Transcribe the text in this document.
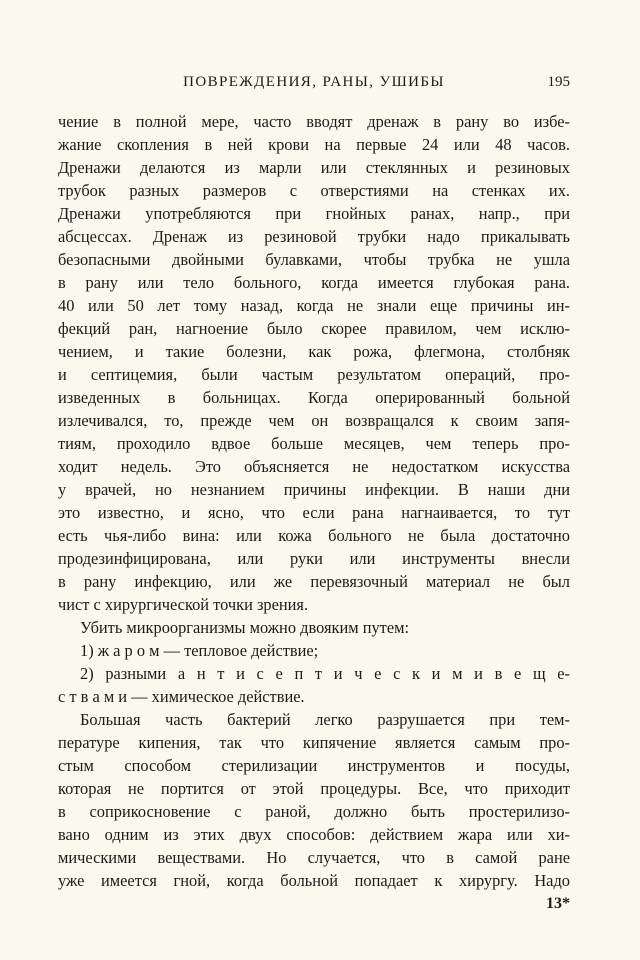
ПОВРЕЖДЕНИЯ, РАНЫ, УШИБЫ	195
чение в полной мере, часто вводят дренаж в рану во избе-
жание скопления в ней крови на первые 24 или 48 часов.
Дренажи делаются из марли или стеклянных и резиновых
трубок разных размеров с отверстиями на стенках их.
Дренажи употребляются при гнойных ранах, напр., при
абсцессах. Дренаж из резиновой трубки надо прикалывать
безопасными двойными булавками, чтобы трубка не ушла
в рану или тело больного, когда имеется глубокая рана.
40 или 50 лет тому назад, когда не знали еще причины ин-
фекций ран, нагноение было скорее правилом, чем исклю-
чением, и такие болезни, как рожа, флегмона, столбняк
и септицемия, были частым результатом операций, про-
изведенных в больницах. Когда оперированный больной
излечивался, то, прежде чем он возвращался к своим запя-
тиям, проходило вдвое больше месяцев, чем теперь про-
ходит недель. Это объясняется не недостатком искусства
у врачей, но незнанием причины инфекции. В наши дни
это известно, и ясно, что если рана нагнаивается, то тут
есть чья-либо вина: или кожа больного не была достаточно
продезинфицирована, или руки или инструменты внесли
в рану инфекцию, или же перевязочный материал не был
чист с хирургической точки зрения.
Убить микроорганизмы можно двояким путем:
1) ж а р о м — тепловое действие;
2) разными а н т и с е п т и ч е с к и м и в е щ е-
с т в а м и — химическое действие.
Большая часть бактерий легко разрушается при тем-
пературе кипения, так что кипячение является самым про-
стым способом стерилизации инструментов и посуды,
которая не портится от этой процедуры. Все, что приходит
в соприкосновение с раной, должно быть простерилизо-
вано одним из этих двух способов: действием жара или хи-
мическими веществами. Но случается, что в самой ране
уже имеется гной, когда больной попадает к хирургу. Надо
13*
